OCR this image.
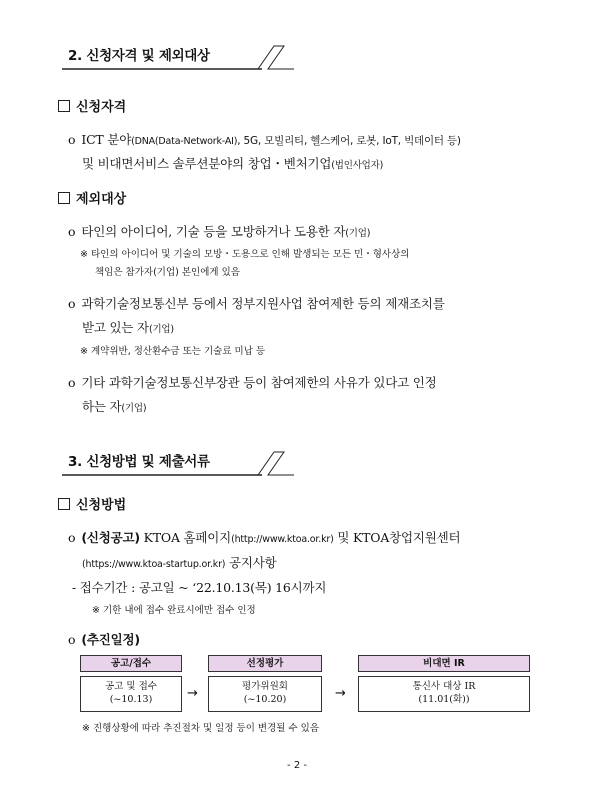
2. 신청자격 및 제외대상
신청자격
o ICT 분야(DNA(Data-Network-AI), 5G, 모빌리티, 헬스케어, 로봇, IoT, 빅데이터 등)
및 비대면서비스 솔루션분야의 창업・벤처기업(법인사업자)
제외대상
o 타인의 아이디어, 기술 등을 모방하거나 도용한 자(기업)
※ 타인의 아이디어 및 기술의 모방・도용으로 인해 발생되는 모든 민・형사상의
책임은 참가자(기업) 본인에게 있음
o 과학기술정보통신부 등에서 정부지원사업 참여제한 등의 제재조치를
받고 있는 자(기업)
※ 계약위반, 정산환수금 또는 기술료 미납 등
o 기타 과학기술정보통신부장관 등이 참여제한의 사유가 있다고 인정
하는 자(기업)
3. 신청방법 및 제출서류
신청방법
o (신청공고) KTOA 홈페이지(http://www.ktoa.or.kr) 및 KTOA창업지원센터
(https://www.ktoa-startup.or.kr) 공지사항
- 접수기간 : 공고일 ~ ‘22.10.13(목) 16시까지
※ 기한 내에 접수 완료시에만 접수 인정
o (추진일정)
공고/접수
공고 및 접수
(~10.13)	→
선정평가
평가위원회
(~10.20)	→
비대면 IR
통신사 대상 IR
(11.01(화))
※ 진행상황에 따라 추진절차 및 일정 등이 변경될 수 있음
- 2 -
